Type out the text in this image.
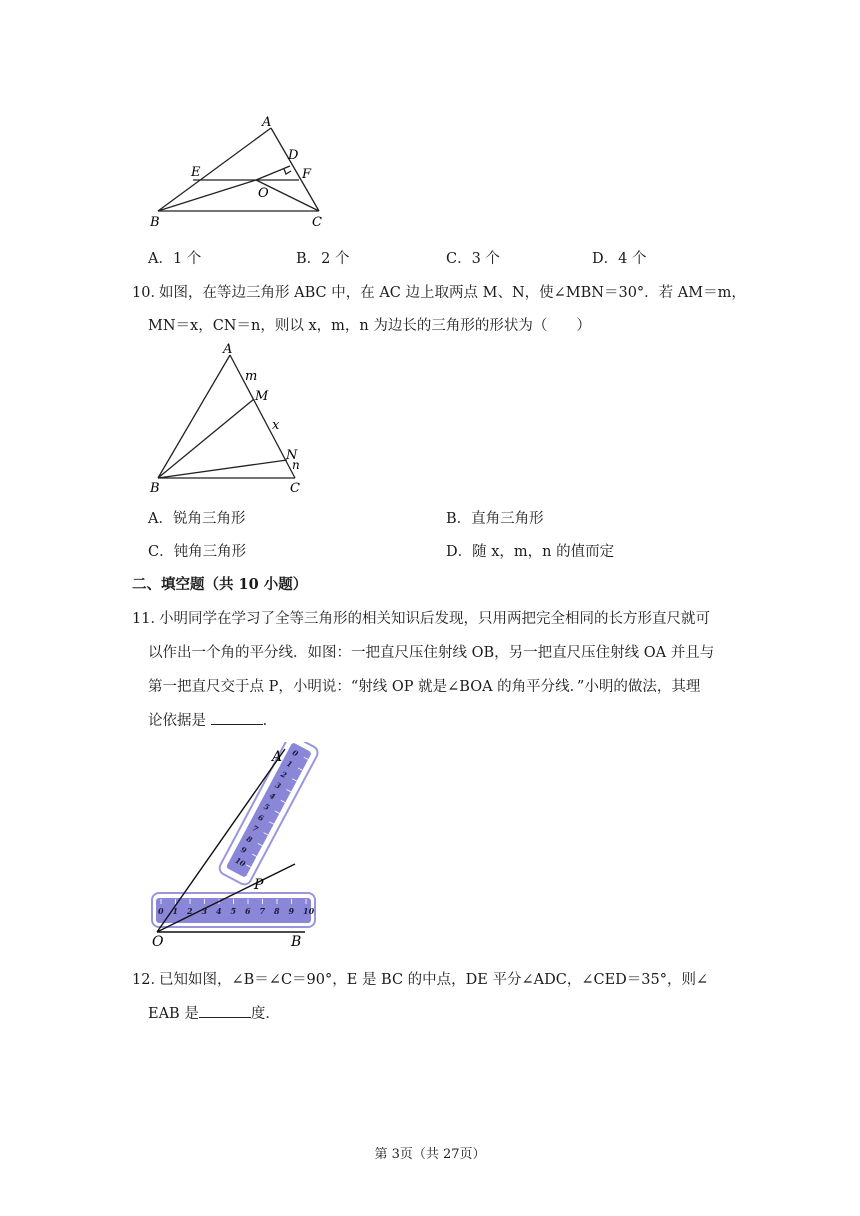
A
D
E	F
O
B	C
A．1 个	B．2 个	C．3 个	D．4 个
10．
如图，在等边三角形 ABC 中，在 AC 边上取两点 M、N，使∠MBN＝30°．若 AM＝m，
MN＝x，CN＝n，则以 x，m，n 为边长的三角形的形状为（　　）
A
m
M
x
N
n
B	C
A．锐角三角形	B．直角三角形
C．钝角三角形	D．随 x，m，n 的值而定
二、填空题（共 10 小题）
11．
小明同学在学习了全等三角形的相关知识后发现，只用两把完全相同的长方形直尺就可
以作出一个角的平分线．如图：一把直尺压住射线 OB，另一把直尺压住射线 OA 并且与
第一把直尺交于点 P，小明说：“射线 OP 就是∠BOA 的角平分线．”小明的做法，其理
论依据是	．
0
1
2
3
4
5
6
7
8
9
10
0 1 2 3 4 5 6 7 8 9 10
A
P
O	B
12．
已知如图，∠B＝∠C＝90°，E 是 BC 的中点，DE 平分∠ADC，∠CED＝35°，则∠
EAB 是	度．
第 3页（共 27页）
